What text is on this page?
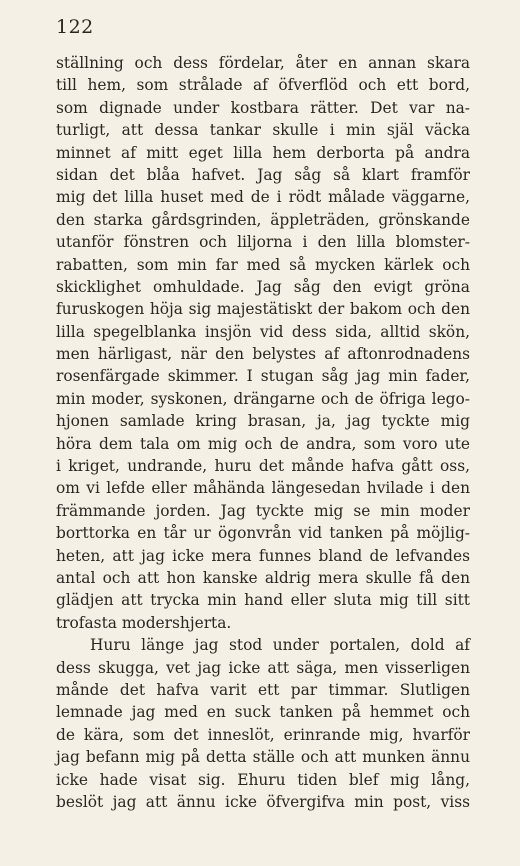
122
ställning och dess fördelar, åter en annan skara
till hem, som strålade af öfverflöd och ett bord,
som dignade under kostbara rätter. Det var na-
turligt, att dessa tankar skulle i min själ väcka
minnet af mitt eget lilla hem derborta på andra
sidan det blåa hafvet. Jag såg så klart framför
mig det lilla huset med de i rödt målade väggarne,
den starka gårdsgrinden, äppleträden, grönskande
utanför fönstren och liljorna i den lilla blomster-
rabatten, som min far med så mycken kärlek och
skicklighet omhuldade. Jag såg den evigt gröna
furuskogen höja sig majestätiskt der bakom och den
lilla spegelblanka insjön vid dess sida, alltid skön,
men härligast, när den belystes af aftonrodnadens
rosenfärgade skimmer. I stugan såg jag min fader,
min moder, syskonen, drängarne och de öfriga lego-
hjonen samlade kring brasan, ja, jag tyckte mig
höra dem tala om mig och de andra, som voro ute
i kriget, undrande, huru det månde hafva gått oss,
om vi lefde eller måhända längesedan hvilade i den
främmande jorden. Jag tyckte mig se min moder
borttorka en tår ur ögonvrån vid tanken på möjlig-
heten, att jag icke mera funnes bland de lefvandes
antal och att hon kanske aldrig mera skulle få den
glädjen att trycka min hand eller sluta mig till sitt
trofasta modershjerta.
Huru länge jag stod under portalen, dold af
dess skugga, vet jag icke att säga, men visserligen
månde det hafva varit ett par timmar. Slutligen
lemnade jag med en suck tanken på hemmet och
de kära, som det inneslöt, erinrande mig, hvarför
jag befann mig på detta ställe och att munken ännu
icke hade visat sig. Ehuru tiden blef mig lång,
beslöt jag att ännu icke öfvergifva min post, viss
